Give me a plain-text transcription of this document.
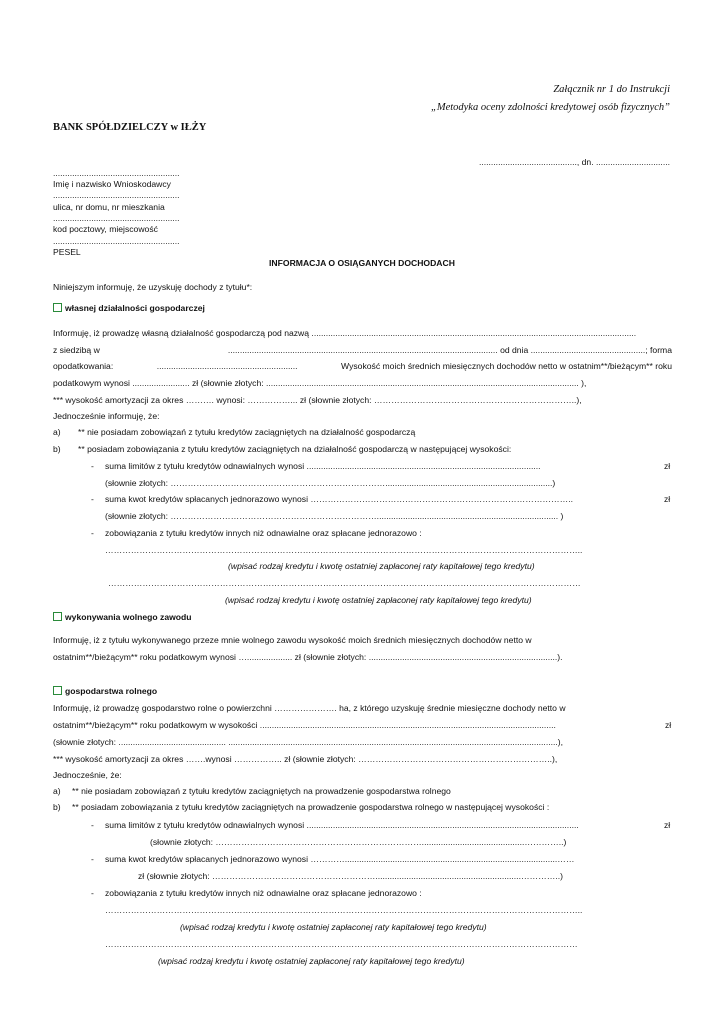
Załącznik nr 1 do Instrukcji
„Metodyka oceny zdolności kredytowej osób fizycznych”
BANK SPÓŁDZIELCZY w IŁŻY
........................................., dn. ...............................
.....................................................
Imię i nazwisko Wnioskodawcy
.....................................................
ulica, nr domu, nr mieszkania
.....................................................
kod pocztowy, miejscowość
.....................................................
PESEL
INFORMACJA O OSIĄGANYCH DOCHODACH
Niniejszym informuję, że uzyskuję dochody z tytułu*:
własnej działalności gospodarczej
Informuję, iż prowadzę własną działalność gospodarczą pod nazwą ........................................................................................................................................
z siedzibą w	................................................................................................................. od dnia ................................................; forma
opodatkowania:	...........................................................	Wysokość moich średnich miesięcznych dochodów netto w ostatnim**/bieżącym** roku
podatkowym wynosi ........................ zł (słownie złotych: ................................................................................................................................... ),
*** wysokość amortyzacji za okres ………. wynosi: ……………... zł (słownie złotych: ……………………………………………………………..),
Jednocześnie informuję, że:
a) ** nie posiadam zobowiązań z tytułu kredytów zaciągniętych na działalność gospodarczą
b) ** posiadam zobowiązania z tytułu kredytów zaciągniętych na działalność gospodarczą w następującej wysokości:
- suma limitów z tytułu kredytów odnawialnych wynosi ..................................................................................................	zł
(słownie złotych: …………………………………………………………………......................................................................)
- suma kwot kredytów spłacanych jednorazowo wynosi ………………………………………………………………………………..	zł
(słownie złotych: ………………………………………………………………............................................................................ )
- zobowiązania z tytułu kredytów innych niż odnawialne oraz spłacane jednorazowo :
…………………………………………………………………………………………………………………………………………………..
(wpisać rodzaj kredytu i kwotę ostatniej zapłaconej raty kapitałowej tego kredytu)
…………………………………………………………………………………………………………………………………………………
(wpisać rodzaj kredytu i kwotę ostatniej zapłaconej raty kapitałowej tego kredytu)
wykonywania wolnego zawodu
Informuję, iż z tytułu wykonywanego przeze mnie wolnego zawodu wysokość moich średnich miesięcznych dochodów netto w
ostatnim**/bieżącym** roku podatkowym wynosi …................... zł (słownie złotych: ...............................................................................).
gospodarstwa rolnego
Informuję, iż prowadzę gospodarstwo rolne o powierzchni …………………. ha, z którego uzyskuję średnie miesięczne dochody netto w
ostatnim**/bieżącym** roku podatkowym w wysokości ............................................................................................................................	zł
(słownie złotych: ............................................. ..........................................................................................................................................),
*** wysokość amortyzacji za okres …….wynosi …………….. zł (słownie złotych: …………………………………………………………..),
Jednocześnie, że:
a) ** nie posiadam zobowiązań z tytułu kredytów zaciągniętych na prowadzenie gospodarstwa rolnego
b) ** posiadam zobowiązania z tytułu kredytów zaciągniętych na prowadzenie gospodarstwa rolnego w następującej wysokości :
- suma limitów z tytułu kredytów odnawialnych wynosi ..................................................................................................................	zł
(słownie złotych: ………………………………………………………………...........................................…………..)
- suma kwot kredytów spłacanych jednorazowo wynosi ………….........................................................................................……
zł (słownie złotych: ………………………………………………….............................................................…………..)
- zobowiązania z tytułu kredytów innych niż odnawialne oraz spłacane jednorazowo :
…………………………………………………………………………………………………………………………………………………..
(wpisać rodzaj kredytu i kwotę ostatniej zapłaconej raty kapitałowej tego kredytu)
…………………………………………………………………………………………………………………………………………………
(wpisać rodzaj kredytu i kwotę ostatniej zapłaconej raty kapitałowej tego kredytu)
